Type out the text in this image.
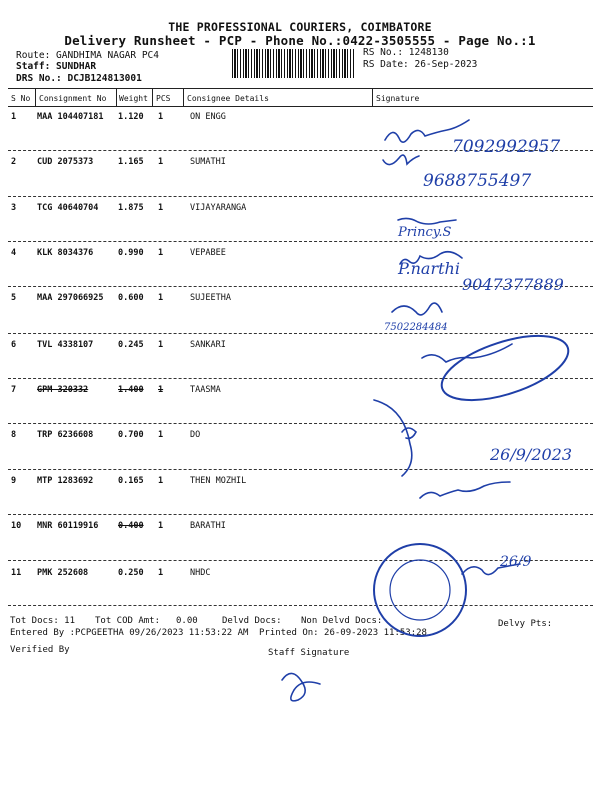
THE PROFESSIONAL COURIERS, COIMBATORE
Delivery Runsheet - PCP - Phone No.:0422-3505555 - Page No.:1
Route: GANDHIMA NAGAR PC4
Staff: SUNDHAR
DRS No.: DCJB124813001
RS No.: 1248130
RS Date: 26-Sep-2023
S No Consignment No Weight PCS Consignee Details	Signature
1 MAA 104407181 1.120 1	ON ENGG
2 CUD 2075373	1.165 1	SUMATHI
3 TCG 40640704 1.875 1	VIJAYARANGA
4 KLK 8034376	0.990 1	VEPABEE
5 MAA 297066925 0.600 1	SUJEETHA
6 TVL 4338107	0.245 1	SANKARI
7 GPM 320332	1.400 1	TAASMA
8 TRP 6236608	0.700 1	DO
9 MTP 1283692	0.165 1	THEN MOZHIL
10 MNR 60119916 0.400 1	BARATHI
11 PMK 252608	0.250 1	NHDC
Tot Docs: 11 Tot COD Amt: 0.00	Delvd Docs: Non Delvd Docs:	Delvy Pts:
Entered By :PCPGEETHA 09/26/2023 11:53:22 AM Printed On: 26-09-2023 11:53:28
Verified By	Staff Signature
7092992957
9688755497
Princy.S
P.narthi
9047377889
7502284484
26/9/2023
26/9
